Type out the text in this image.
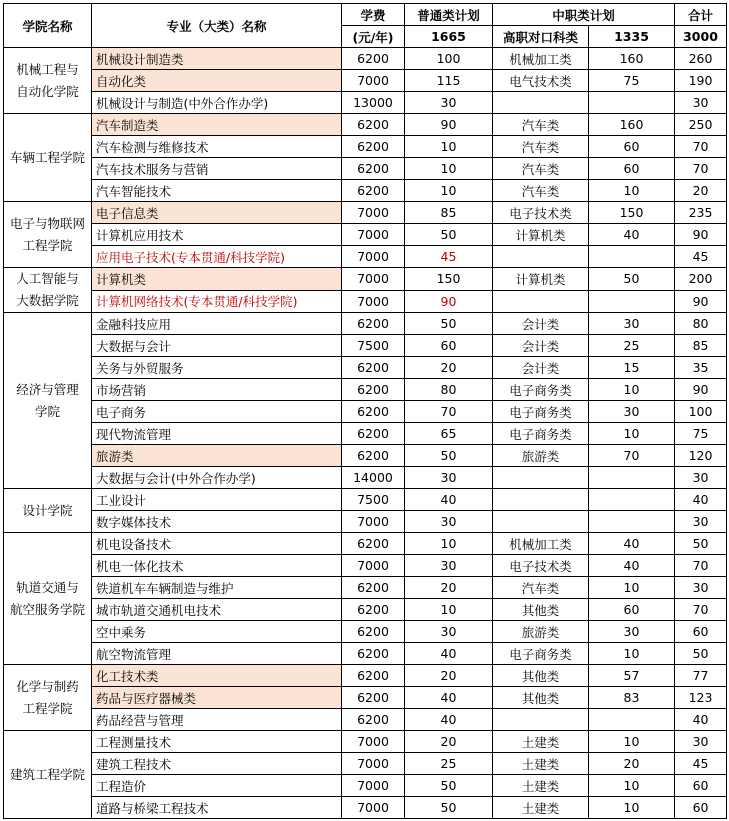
学院名称	专业（大类）名称	学费	普通类计划	中职类计划		合计
		(元/年)	1665	高职对口科类	1335	3000

机械工程与
自动化学院	机械设计制造类	6200	100	机械加工类	160	260
	自动化类	7000	115	电气技术类	75	190
	机械设计与制造(中外合作办学)	13000	30			30

车辆工程学院	汽车制造类	6200	90	汽车类	160	250
	汽车检测与维修技术	6200	10	汽车类	60	70
	汽车技术服务与营销	6200	10	汽车类	60	70
	汽车智能技术	6200	10	汽车类	10	20

电子与物联网
工程学院	电子信息类	7000	85	电子技术类	150	235
	计算机应用技术	7000	50	计算机类	40	90
	应用电子技术(专本贯通/科技学院)	7000	45			45

人工智能与
大数据学院	计算机类	7000	150	计算机类	50	200
	计算机网络技术(专本贯通/科技学院)	7000	90			90

经济与管理
学院	金融科技应用	6200	50	会计类	30	80
	大数据与会计	7500	60	会计类	25	85
	关务与外贸服务	6200	20	会计类	15	35
	市场营销	6200	80	电子商务类	10	90
	电子商务	6200	70	电子商务类	30	100
	现代物流管理	6200	65	电子商务类	10	75
	旅游类	6200	50	旅游类	70	120
	大数据与会计(中外合作办学)	14000	30			30

设计学院	工业设计	7500	40			40
	数字媒体技术	7000	30			30

轨道交通与
航空服务学院	机电设备技术	6200	10	机械加工类	40	50
	机电一体化技术	7000	30	电子技术类	40	70
	铁道机车车辆制造与维护	6200	20	汽车类	10	30
	城市轨道交通机电技术	6200	10	其他类	60	70
	空中乘务	6200	30	旅游类	30	60
	航空物流管理	6200	40	电子商务类	10	50

化学与制药
工程学院	化工技术类	6200	20	其他类	57	77
	药品与医疗器械类	6200	40	其他类	83	123
	药品经营与管理	6200	40			40

建筑工程学院	工程测量技术	7000	20	土建类	10	30
	建筑工程技术	7000	25	土建类	20	45
	工程造价	7000	50	土建类	10	60
	道路与桥梁工程技术	7000	50	土建类	10	60
